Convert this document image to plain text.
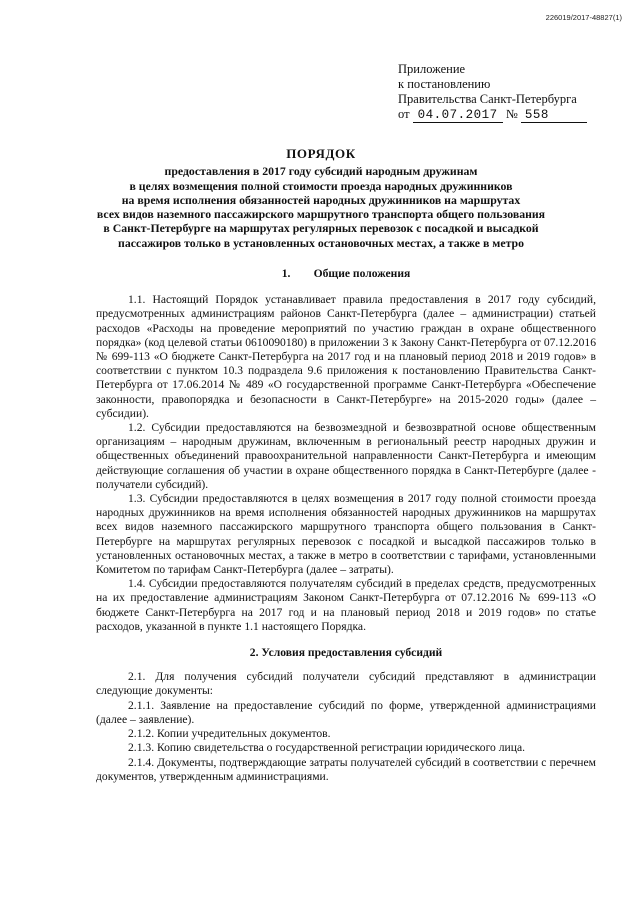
226019/2017-48827(1)
Приложение
к постановлению
Правительства Санкт-Петербурга
от 04.07.2017 № 558
ПОРЯДОК
предоставления в 2017 году субсидий народным дружинам
в целях возмещения полной стоимости проезда народных дружинников
на время исполнения обязанностей народных дружинников на маршрутах
всех видов наземного пассажирского маршрутного транспорта общего пользования
в Санкт-Петербурге на маршрутах регулярных перевозок с посадкой и высадкой
пассажиров только в установленных остановочных местах, а также в метро
1.        Общие положения

1.1. Настоящий Порядок устанавливает правила предоставления в 2017 году субсидий, предусмотренных администрациям районов Санкт-Петербурга (далее – администрации) статьей расходов «Расходы на проведение мероприятий по участию граждан в охране общественного порядка» (код целевой статьи 0610090180) в приложении 3 к Закону Санкт-Петербурга от 07.12.2016 № 699-113 «О бюджете Санкт-Петербурга на 2017 год и на плановый период 2018 и 2019 годов» в соответствии с пунктом 10.3 подраздела 9.6 приложения к постановлению Правительства Санкт-Петербурга от 17.06.2014 № 489 «О государственной программе Санкт-Петербурга «Обеспечение законности, правопорядка и безопасности в Санкт-Петербурге» на 2015-2020 годы» (далее – субсидии).

1.2. Субсидии предоставляются на безвозмездной и безвозвратной основе общественным организациям – народным дружинам, включенным в региональный реестр народных дружин и общественных объединений правоохранительной направленности Санкт-Петербурга и имеющим действующие соглашения об участии в охране общественного порядка в Санкт-Петербурге (далее - получатели субсидий).

1.3. Субсидии предоставляются в целях возмещения в 2017 году полной стоимости проезда народных дружинников на время исполнения обязанностей народных дружинников на маршрутах всех видов наземного пассажирского маршрутного транспорта общего пользования в Санкт-Петербурге на маршрутах регулярных перевозок с посадкой и высадкой пассажиров только в установленных остановочных местах, а также в метро в соответствии с тарифами, установленными Комитетом по тарифам Санкт-Петербурга (далее – затраты).

1.4. Субсидии предоставляются получателям субсидий в пределах средств, предусмотренных на их предоставление администрациям Законом Санкт-Петербурга от 07.12.2016 № 699-113 «О бюджете Санкт-Петербурга на 2017 год и на плановый период 2018 и 2019 годов» по статье расходов, указанной в пункте 1.1 настоящего Порядка.

2. Условия предоставления субсидий

2.1. Для получения субсидий получатели субсидий представляют в администрации следующие документы:

2.1.1. Заявление на предоставление субсидий по форме, утвержденной администрациями (далее – заявление).

2.1.2. Копии учредительных документов.

2.1.3. Копию свидетельства о государственной регистрации юридического лица.

2.1.4. Документы, подтверждающие затраты получателей субсидий в соответствии с перечнем документов, утвержденным администрациями.
